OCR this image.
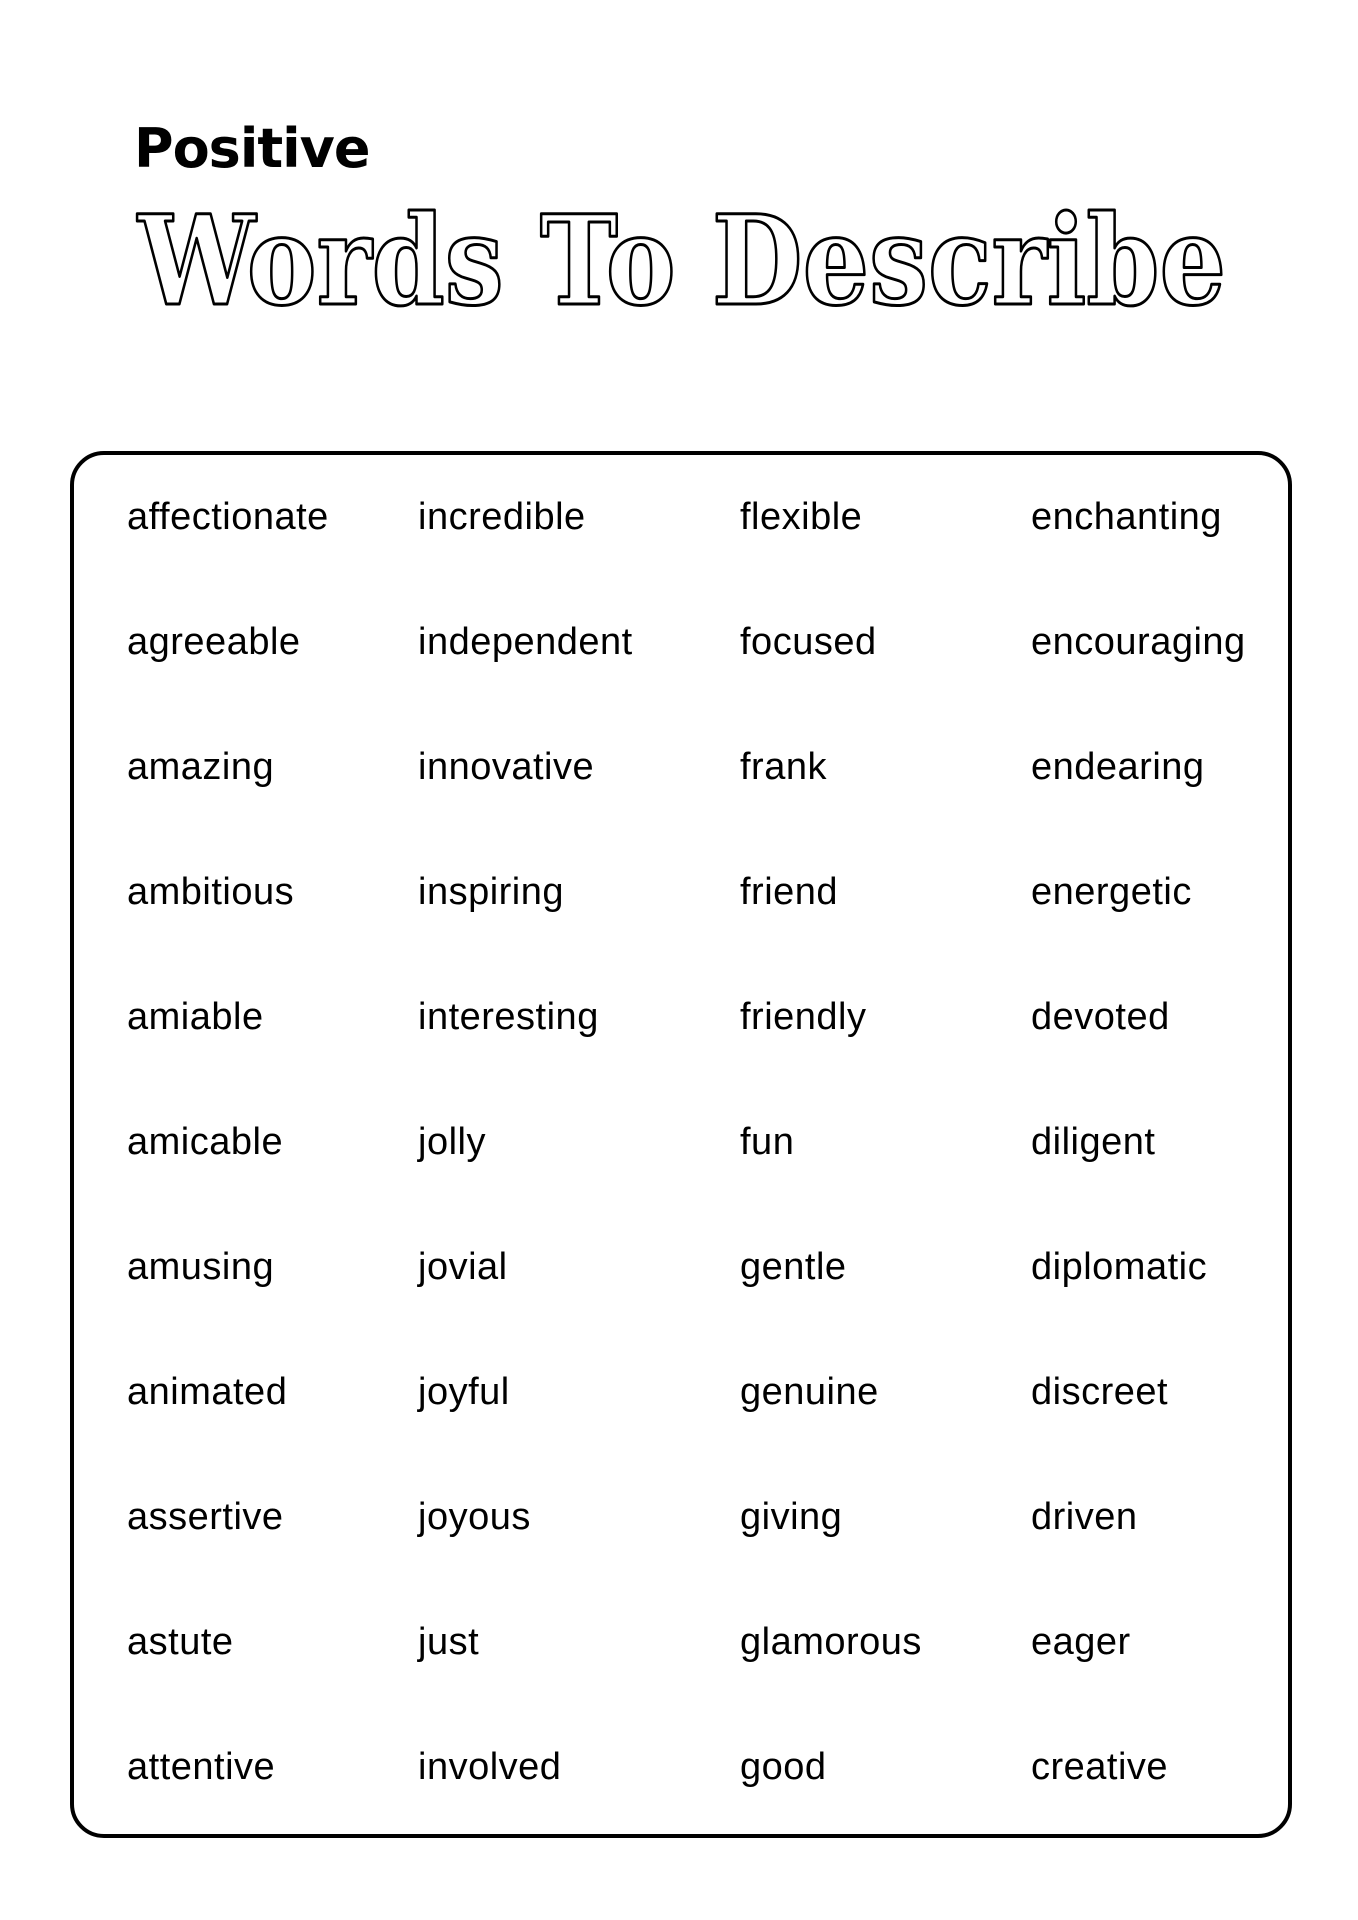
Positive
Words To Describe
affectionate
agreeable
amazing
ambitious
amiable
amicable
amusing
animated
assertive
astute
attentive
incredible
independent
innovative
inspiring
interesting
jolly
jovial
joyful
joyous
just
involved
flexible
focused
frank
friend
friendly
fun
gentle
genuine
giving
glamorous
good
enchanting
encouraging
endearing
energetic
devoted
diligent
diplomatic
discreet
driven
eager
creative
